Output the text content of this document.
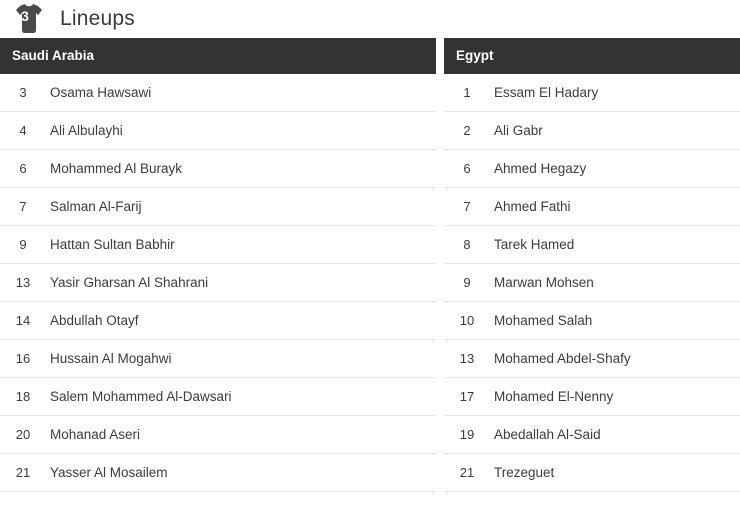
3 Lineups
Saudi Arabia
3	Osama Hawsawi
4	Ali Albulayhi
6	Mohammed Al Burayk
7	Salman Al-Farij
9	Hattan Sultan Babhir
13	Yasir Gharsan Al Shahrani
14	Abdullah Otayf
16	Hussain Al Mogahwi
18	Salem Mohammed Al-Dawsari
20	Mohanad Aseri
21	Yasser Al Mosailem
Egypt
1	Essam El Hadary
2	Ali Gabr
6	Ahmed Hegazy
7	Ahmed Fathi
8	Tarek Hamed
9	Marwan Mohsen
10	Mohamed Salah
13	Mohamed Abdel-Shafy
17	Mohamed El-Nenny
19	Abedallah Al-Said
21	Trezeguet
